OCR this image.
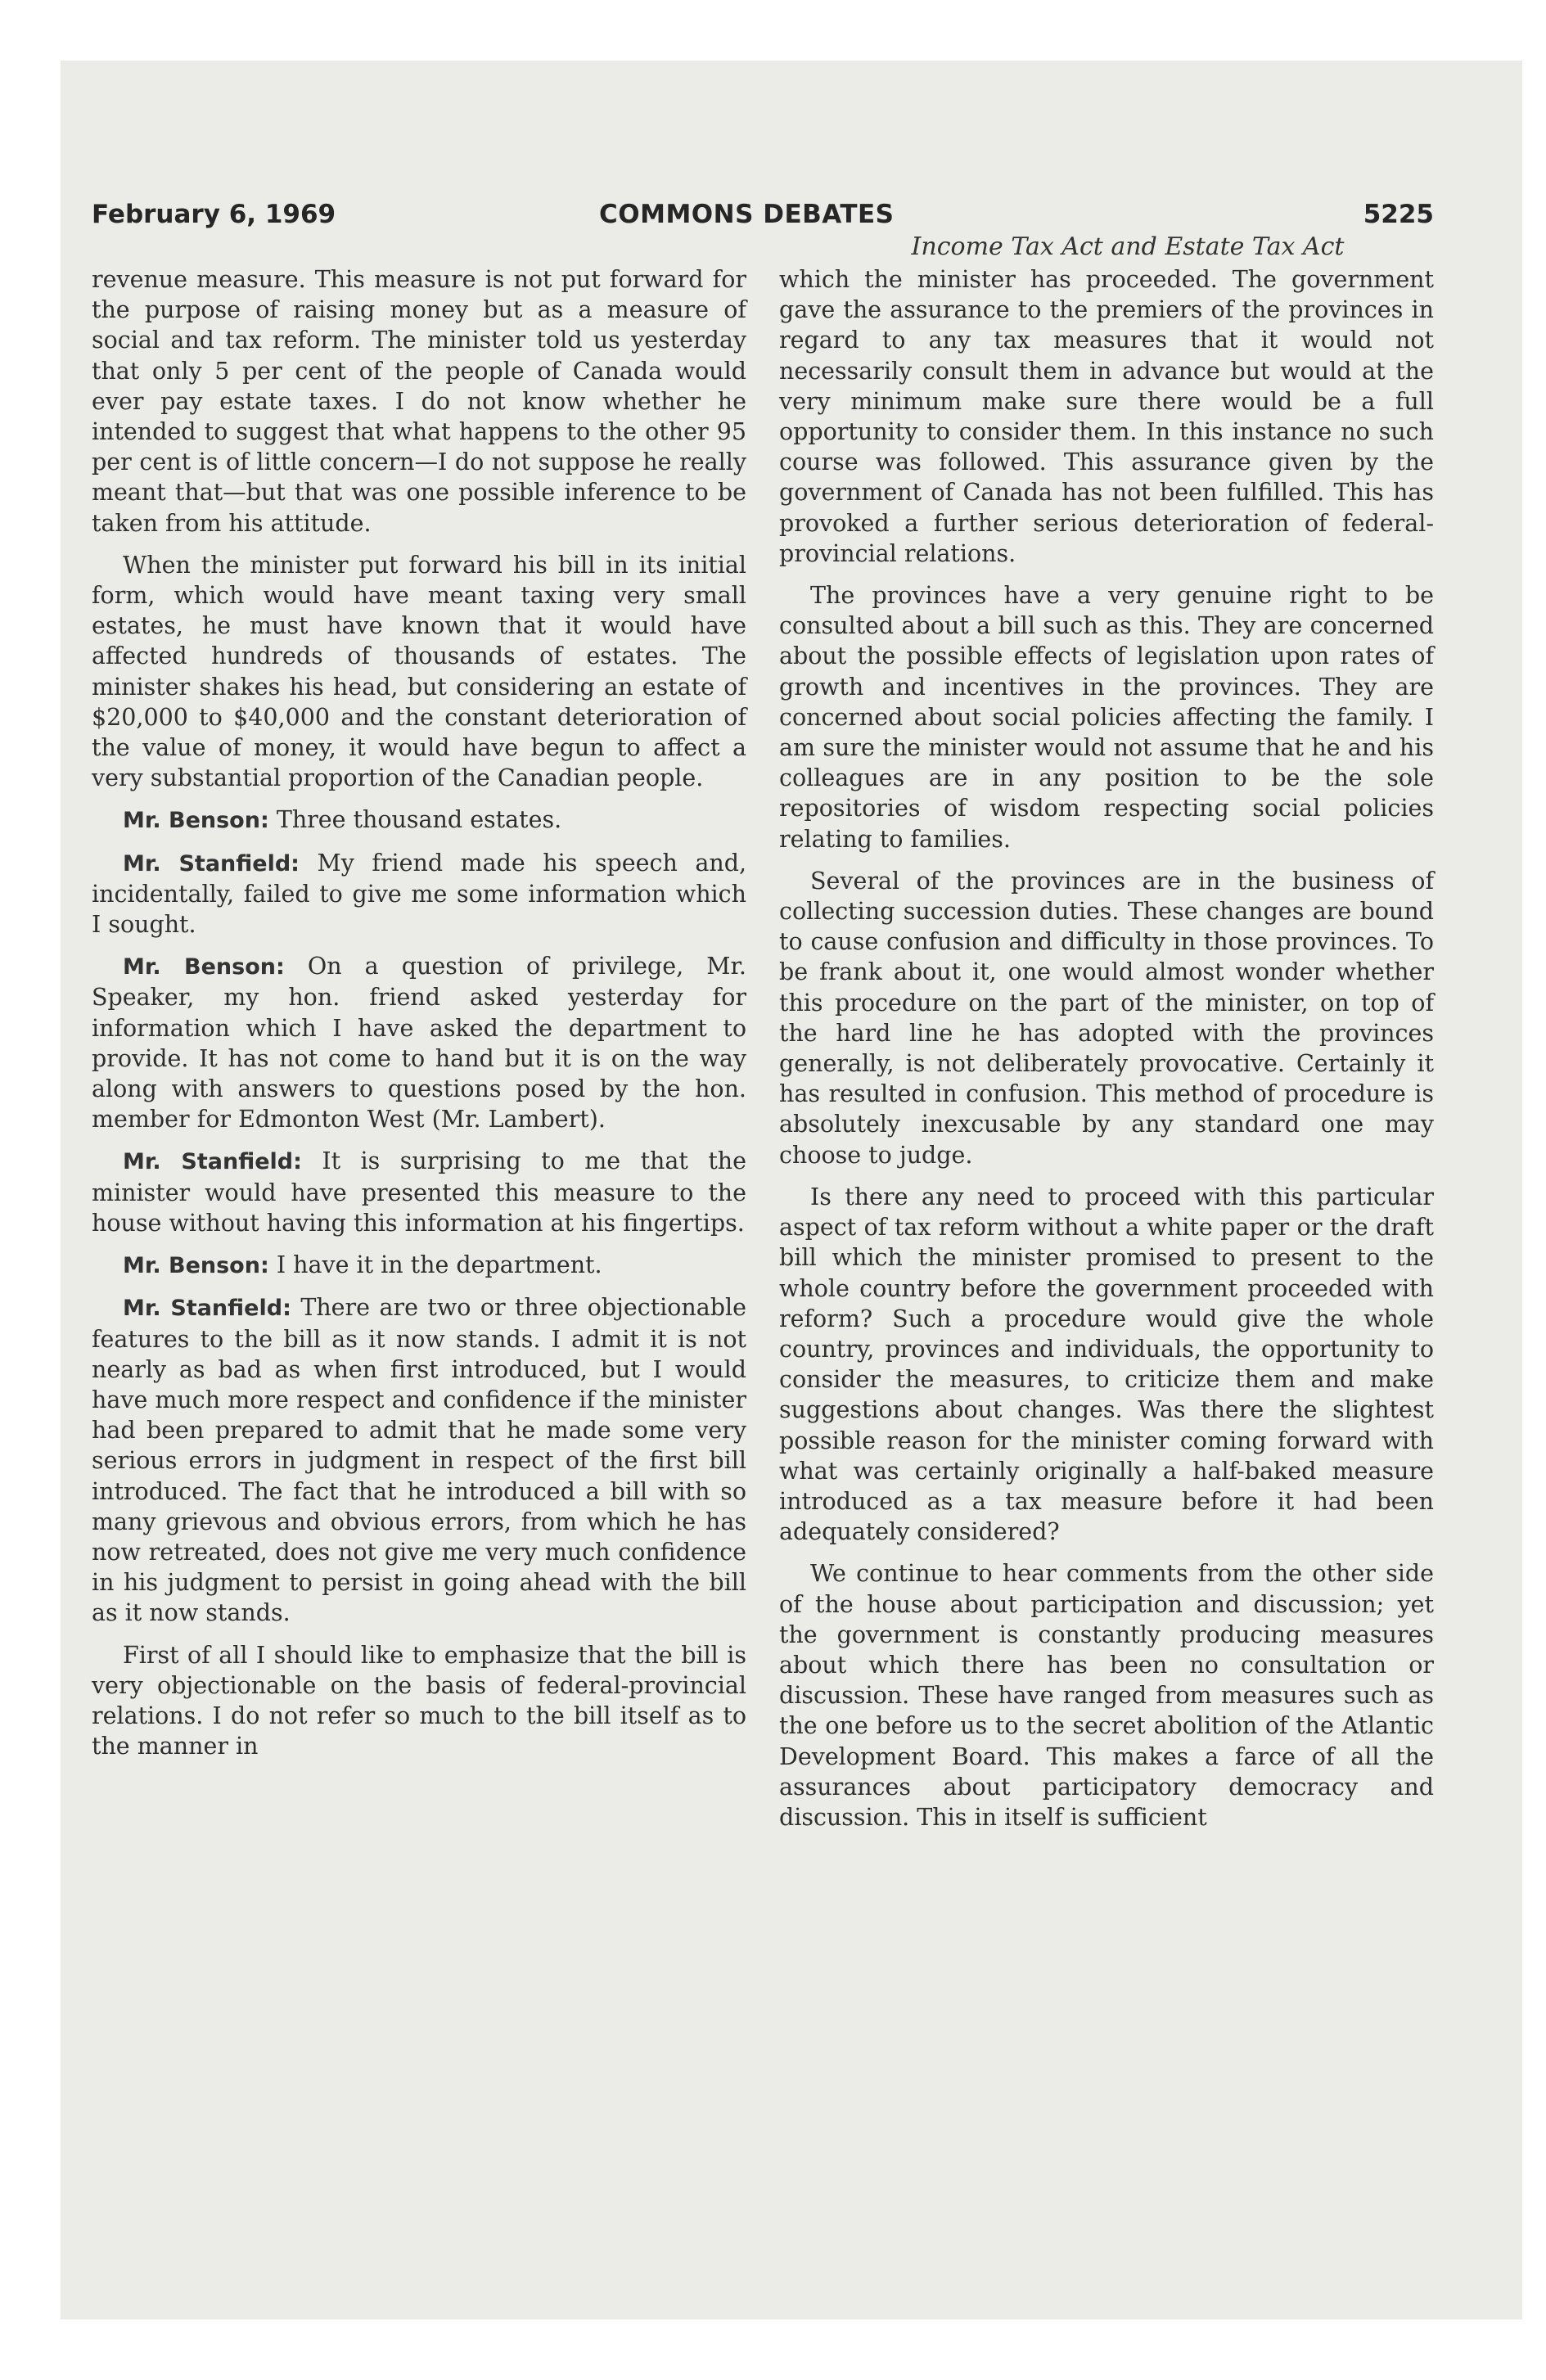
February 6, 1969	COMMONS DEBATES	5225
Income Tax Act and Estate Tax Act

revenue measure. This measure is not put forward for the purpose of raising money but as a measure of social and tax reform. The minister told us yesterday that only 5 per cent of the people of Canada would ever pay estate taxes. I do not know whether he intended to suggest that what happens to the other 95 per cent is of little concern—I do not suppose he really meant that—but that was one possible inference to be taken from his attitude.

When the minister put forward his bill in its initial form, which would have meant taxing very small estates, he must have known that it would have affected hundreds of thousands of estates. The minister shakes his head, but considering an estate of $20,000 to $40,000 and the constant deterioration of the value of money, it would have begun to affect a very substantial proportion of the Canadian people.

Mr. Benson: Three thousand estates.

Mr. Stanfield: My friend made his speech and, incidentally, failed to give me some information which I sought.

Mr. Benson: On a question of privilege, Mr. Speaker, my hon. friend asked yesterday for information which I have asked the department to provide. It has not come to hand but it is on the way along with answers to questions posed by the hon. member for Edmonton West (Mr. Lambert).

Mr. Stanfield: It is surprising to me that the minister would have presented this measure to the house without having this information at his fingertips.

Mr. Benson: I have it in the department.

Mr. Stanfield: There are two or three objectionable features to the bill as it now stands. I admit it is not nearly as bad as when first introduced, but I would have much more respect and confidence if the minister had been prepared to admit that he made some very serious errors in judgment in respect of the first bill introduced. The fact that he introduced a bill with so many grievous and obvious errors, from which he has now retreated, does not give me very much confidence in his judgment to persist in going ahead with the bill as it now stands.

First of all I should like to emphasize that the bill is very objectionable on the basis of federal-provincial relations. I do not refer so much to the bill itself as to the manner in

which the minister has proceeded. The government gave the assurance to the premiers of the provinces in regard to any tax measures that it would not necessarily consult them in advance but would at the very minimum make sure there would be a full opportunity to consider them. In this instance no such course was followed. This assurance given by the government of Canada has not been fulfilled. This has provoked a further serious deterioration of federal-provincial relations.

The provinces have a very genuine right to be consulted about a bill such as this. They are concerned about the possible effects of legislation upon rates of growth and incentives in the provinces. They are concerned about social policies affecting the family. I am sure the minister would not assume that he and his colleagues are in any position to be the sole repositories of wisdom respecting social policies relating to families.

Several of the provinces are in the business of collecting succession duties. These changes are bound to cause confusion and difficulty in those provinces. To be frank about it, one would almost wonder whether this procedure on the part of the minister, on top of the hard line he has adopted with the provinces generally, is not deliberately provocative. Certainly it has resulted in confusion. This method of procedure is absolutely inexcusable by any standard one may choose to judge.

Is there any need to proceed with this particular aspect of tax reform without a white paper or the draft bill which the minister promised to present to the whole country before the government proceeded with reform? Such a procedure would give the whole country, provinces and individuals, the opportunity to consider the measures, to criticize them and make suggestions about changes. Was there the slightest possible reason for the minister coming forward with what was certainly originally a half-baked measure introduced as a tax measure before it had been adequately considered?

We continue to hear comments from the other side of the house about participation and discussion; yet the government is constantly producing measures about which there has been no consultation or discussion. These have ranged from measures such as the one before us to the secret abolition of the Atlantic Development Board. This makes a farce of all the assurances about participatory democracy and discussion. This in itself is sufficient
